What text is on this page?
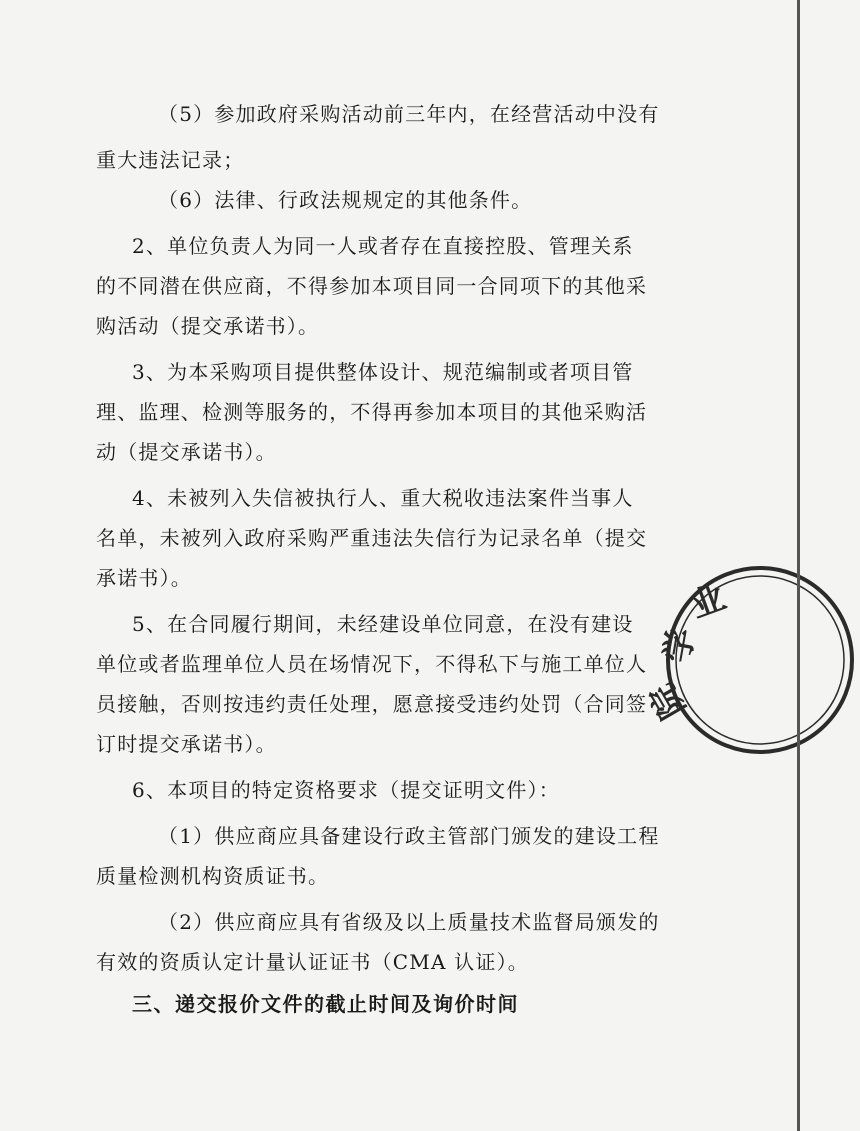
（5）参加政府采购活动前三年内，在经营活动中没有
重大违法记录；
（6）法律、行政法规规定的其他条件。
2、单位负责人为同一人或者存在直接控股、管理关系
的不同潜在供应商，不得参加本项目同一合同项下的其他采
购活动（提交承诺书）。
3、为本采购项目提供整体设计、规范编制或者项目管
理、监理、检测等服务的，不得再参加本项目的其他采购活
动（提交承诺书）。
4、未被列入失信被执行人、重大税收违法案件当事人
名单，未被列入政府采购严重违法失信行为记录名单（提交
承诺书）。
5、在合同履行期间，未经建设单位同意，在没有建设
单位或者监理单位人员在场情况下，不得私下与施工单位人
员接触，否则按违约责任处理，愿意接受违约处罚（合同签
订时提交承诺书）。
6、本项目的特定资格要求（提交证明文件）：
（1）供应商应具备建设行政主管部门颁发的建设工程
质量检测机构资质证书。
（2）供应商应具有省级及以上质量技术监督局颁发的
有效的资质认定计量认证证书（CMA 认证）。
三、递交报价文件的截止时间及询价时间
业
学
院
